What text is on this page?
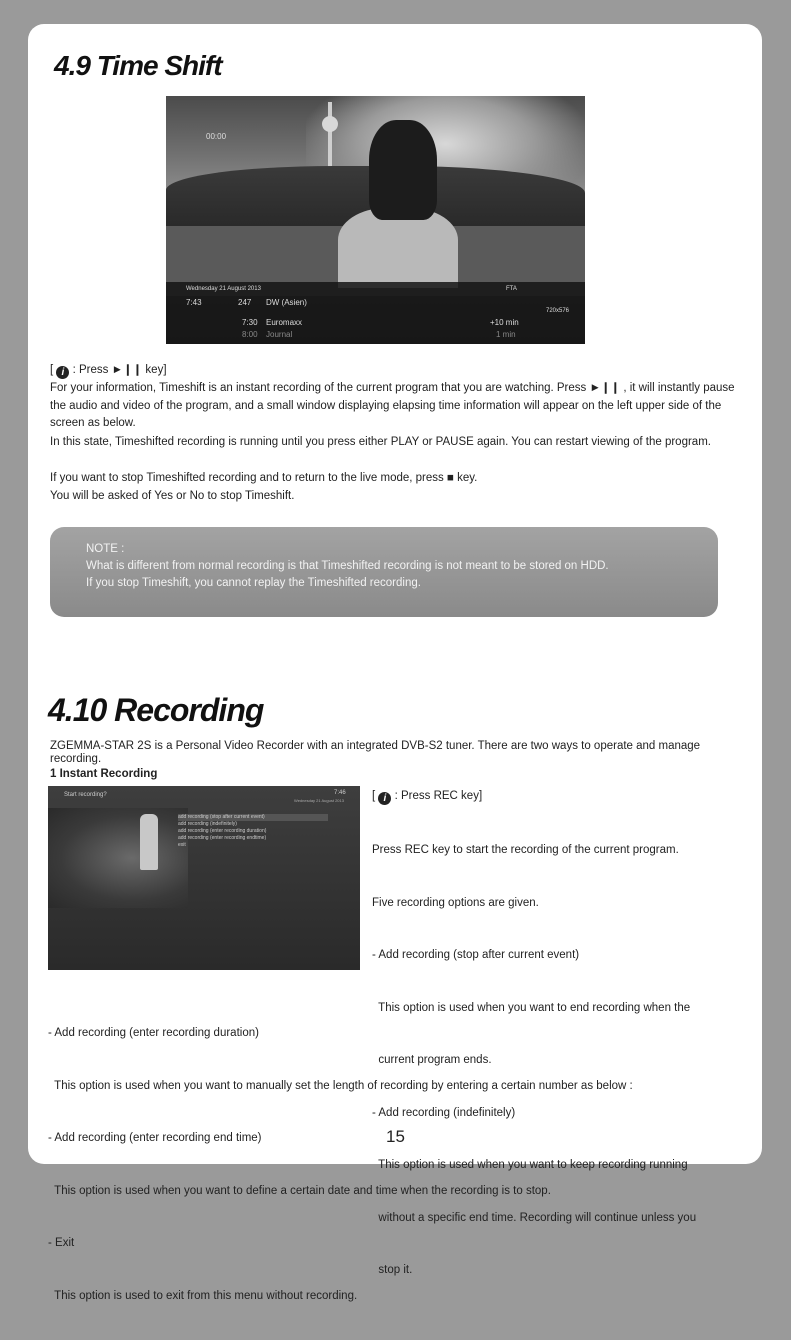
4.9 Time Shift
00:00
Wednesday 21 August 2013
7:43	247 DW (Asien)
7:30 Euromaxx
8:00 Journal
FTA
+10 min
1 min
720x576

[ i : Press ►❙❙ key]

For your information, Timeshift is an instant recording of the current program that you are watching. Press ►❙❙ , it will instantly pause the audio and video of the program, and a small window displaying elapsing time information will appear on the left upper side of the screen as below.

In this state, Timeshifted recording is running until you press either PLAY or PAUSE again. You can restart viewing of the program.

If you want to stop Timeshifted recording and to return to the live mode, press ■ key.

You will be asked of Yes or No to stop Timeshift.

NOTE :

What is different from normal recording is that Timeshifted recording is not meant to be stored on HDD.

If you stop Timeshift, you cannot replay the Timeshifted recording.

4.10 Recording

ZGEMMA-STAR 2S is a Personal Video Recorder with an integrated DVB-S2 tuner. There are two ways to operate and manage recording.

1 Instant Recording

Start recording?	7:46
Wednesday 21 August 2013
add recording (stop after current event)
add recording (indefinitely)
add recording (enter recording duration)
add recording (enter recording endtime)
exit

[ i : Press REC key]

Press REC key to start the recording of the current program.

Five recording options are given.

- Add recording (stop after current event)

This option is used when you want to end recording when the

current program ends.

- Add recording (indefinitely)

This option is used when you want to keep recording running

without a specific end time. Recording will continue unless you

stop it.

- Add recording (enter recording duration)

This option is used when you want to manually set the length of recording by entering a certain number as below :

- Add recording (enter recording end time)

This option is used when you want to define a certain date and time when the recording is to stop.

- Exit

This option is used to exit from this menu without recording.

15
